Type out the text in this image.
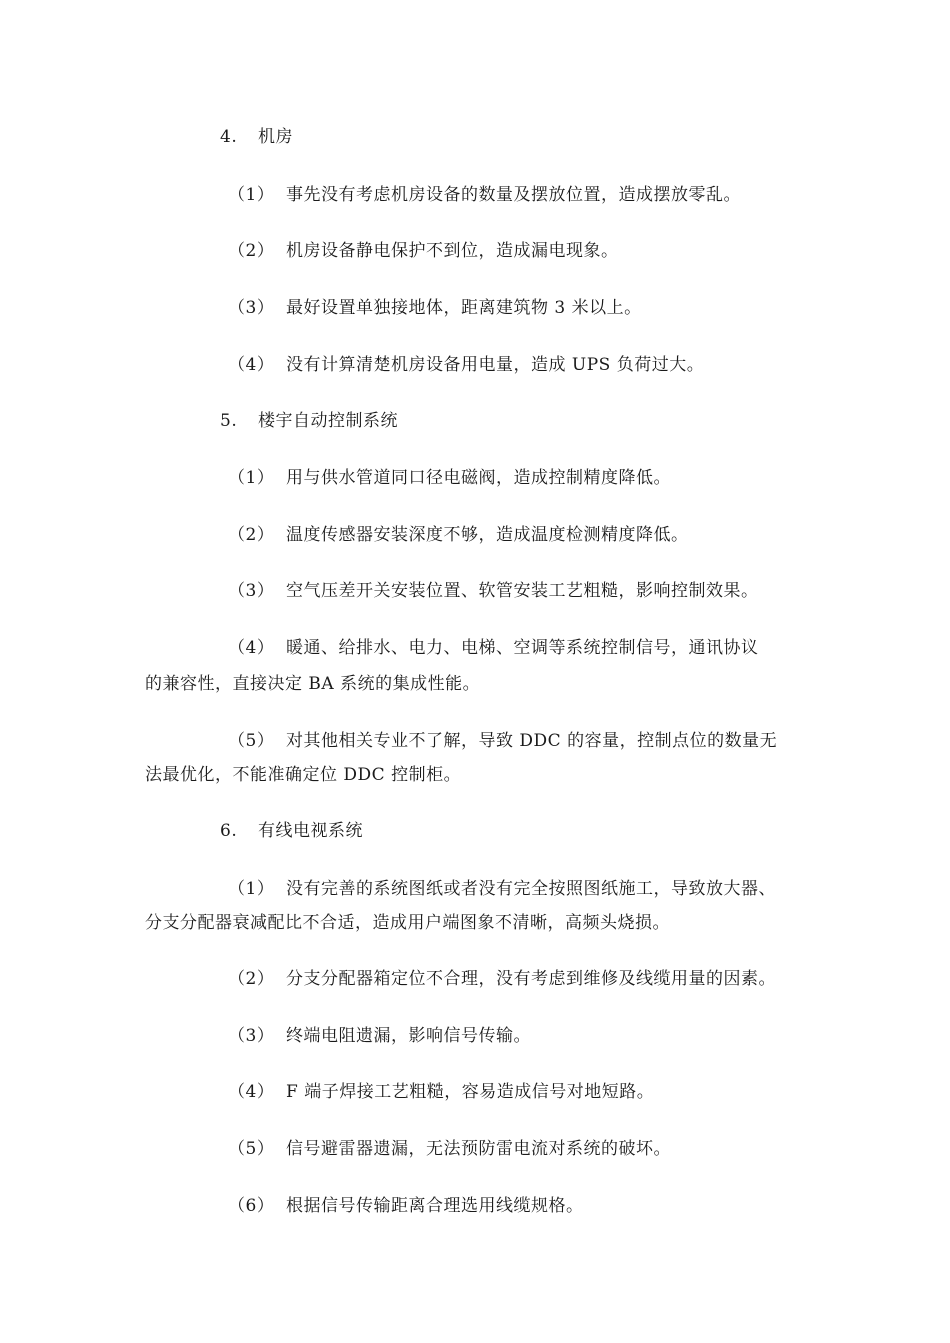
4. 机房
（1） 事先没有考虑机房设备的数量及摆放位置，造成摆放零乱。
（2） 机房设备静电保护不到位，造成漏电现象。
（3） 最好设置单独接地体，距离建筑物 3 米以上。
（4） 没有计算清楚机房设备用电量，造成 UPS 负荷过大。
5. 楼宇自动控制系统
（1） 用与供水管道同口径电磁阀，造成控制精度降低。
（2） 温度传感器安装深度不够，造成温度检测精度降低。
（3） 空气压差开关安装位置、软管安装工艺粗糙，影响控制效果。
（4） 暖通、给排水、电力、电梯、空调等系统控制信号，通讯协议
的兼容性，直接决定 BA 系统的集成性能。
（5） 对其他相关专业不了解，导致 DDC 的容量，控制点位的数量无
法最优化，不能准确定位 DDC 控制柜。
6. 有线电视系统
（1） 没有完善的系统图纸或者没有完全按照图纸施工，导致放大器、
分支分配器衰减配比不合适，造成用户端图象不清晰，高频头烧损。
（2） 分支分配器箱定位不合理，没有考虑到维修及线缆用量的因素。
（3） 终端电阻遗漏，影响信号传输。
（4） F 端子焊接工艺粗糙，容易造成信号对地短路。
（5） 信号避雷器遗漏，无法预防雷电流对系统的破坏。
（6） 根据信号传输距离合理选用线缆规格。
